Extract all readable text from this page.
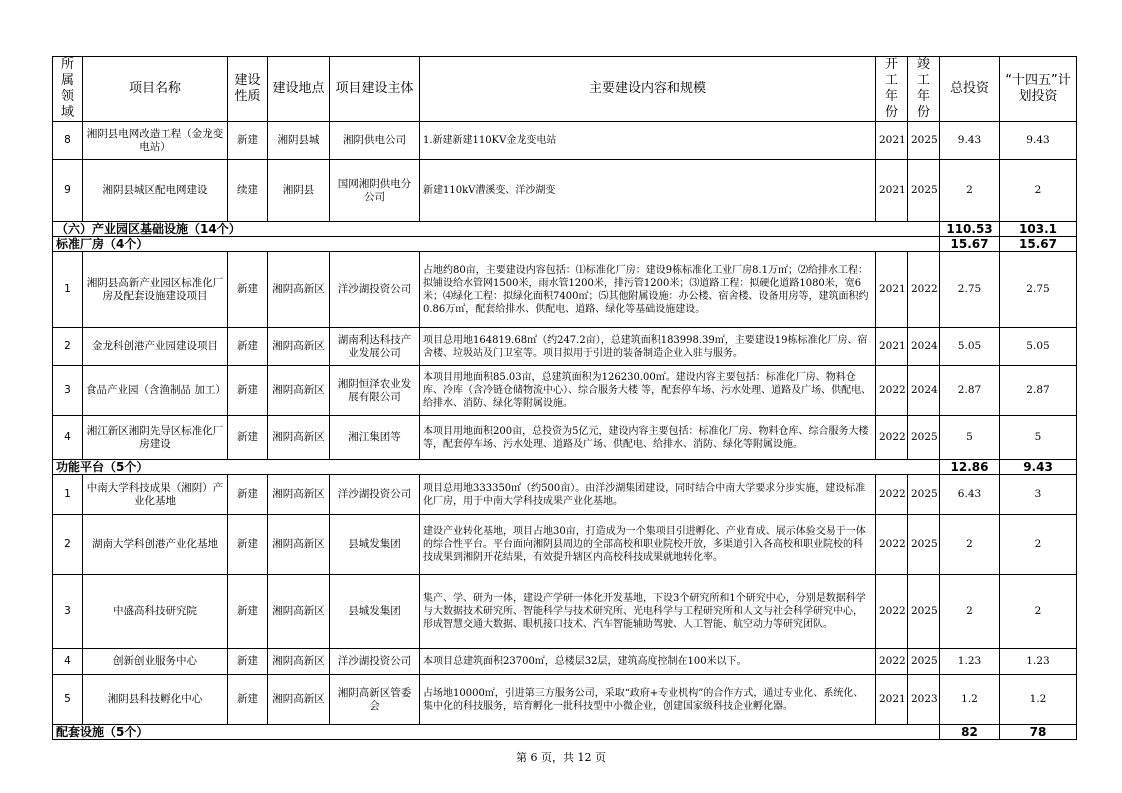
所属领域	项目名称	建设性质	建设地点	项目建设主体	主要建设内容和规模	开工年份	竣工年份	总投资	“十四五”计划投资
8	湘阴县电网改造工程（金龙变电站）	新建	湘阴县城	湘阴供电公司	1.新建新建110KV金龙变电站	2021	2025	9.43	9.43
9	湘阴县城区配电网建设	续建	湘阴县	国网湘阴供电分公司	新建110kV漕溪变、洋沙湖变	2021	2025	2	2
（六）产业园区基础设施（14个）								110.53	103.1
标准厂房（4个）								15.67	15.67
1	湘阴县高新产业园区标准化厂房及配套设施建设项目	新建	湘阴高新区	洋沙湖投资公司	占地约80亩，主要建设内容包括：⑴标准化厂房：建设9栋标准化工业厂房8.1万㎡；⑵给排水工程：拟铺设给水管网1500米，雨水管1200米，排污管1200米；⑶道路工程：拟硬化道路1080米，宽6米；⑷绿化工程：拟绿化面积7400㎡；⑸其他附属设施：办公楼、宿舍楼、设备用房等，建筑面积约0.86万㎡，配套给排水、供配电、道路、绿化等基础设施建设。	2021	2022	2.75	2.75
2	金龙科创港产业园建设项目	新建	湘阴高新区	湖南利达科技产业发展公司	项目总用地164819.68㎡（约247.2亩），总建筑面积183998.39㎡，主要建设19栋标准化厂房、宿舍楼、垃圾站及门卫室等。项目拟用于引进的装备制造企业入驻与服务。	2021	2024	5.05	5.05
3	食品产业园（含渔制品 加工）	新建	湘阴高新区	湘阴恒泽农业发展有限公司	本项目用地面积85.03亩，总建筑面积为126230.00㎡。建设内容主要包括：标准化厂房、物料仓库、冷库（含冷链仓储物流中心）、综合服务大楼 等，配套停车场、污水处理、道路及广场、供配电、给排水、消防、绿化等附属设施。	2022	2024	2.87	2.87
4	湘江新区湘阴先导区标准化厂房建设	新建	湘阴高新区	湘江集团等	本项目用地面积200亩，总投资为5亿元，建设内容主要包括：标准化厂房、物料仓库、综合服务大楼 等，配套停车场、污水处理、道路及广场、供配电、给排水、消防、绿化等附属设施。	2022	2025	5	5
功能平台（5个）								12.86	9.43
1	中南大学科技成果（湘阴）产业化基地	新建	湘阴高新区	洋沙湖投资公司	项目总用地333350㎡（约500亩）。由洋沙湖集团建设，同时结合中南大学要求分步实施，建设标准化厂房，用于中南大学科技成果产业化基地。	2022	2025	6.43	3
2	湖南大学科创港产业化基地	新建	湘阴高新区	县城发集团	建设产业转化基地，项目占地30亩，打造成为一个集项目引进孵化、产业育成、展示体验交易于一体的综合性平台。平台面向湘阴县周边的全部高校和职业院校开放，多渠道引入各高校和职业院校的科技成果到湘阴开花结果，有效提升辖区内高校科技成果就地转化率。	2022	2025	2	2
3	中盛高科技研究院	新建	湘阴高新区	县城发集团	集产、学、研为一体，建设产学研一体化开发基地，下设3个研究所和1个研究中心，分别是数据科学与大数据技术研究所、智能科学与技术研究所、光电科学与工程研究所和人文与社会科学研究中心，形成智慧交通大数据、眼机接口技术、汽车智能辅助驾驶、人工智能、航空动力等研究团队。	2022	2025	2	2
4	创新创业服务中心	新建	湘阴高新区	洋沙湖投资公司	本项目总建筑面积23700㎡，总楼层32层，建筑高度控制在100米以下。	2022	2025	1.23	1.23
5	湘阴县科技孵化中心	新建	湘阴高新区	湘阴高新区管委会	占场地10000㎡，引进第三方服务公司，采取“政府+专业机构”的合作方式，通过专业化、系统化、集中化的科技服务，培育孵化一批科技型中小微企业，创建国家级科技企业孵化器。	2021	2023	1.2	1.2
配套设施（5个）								82	78
第 6 页，共 12 页
